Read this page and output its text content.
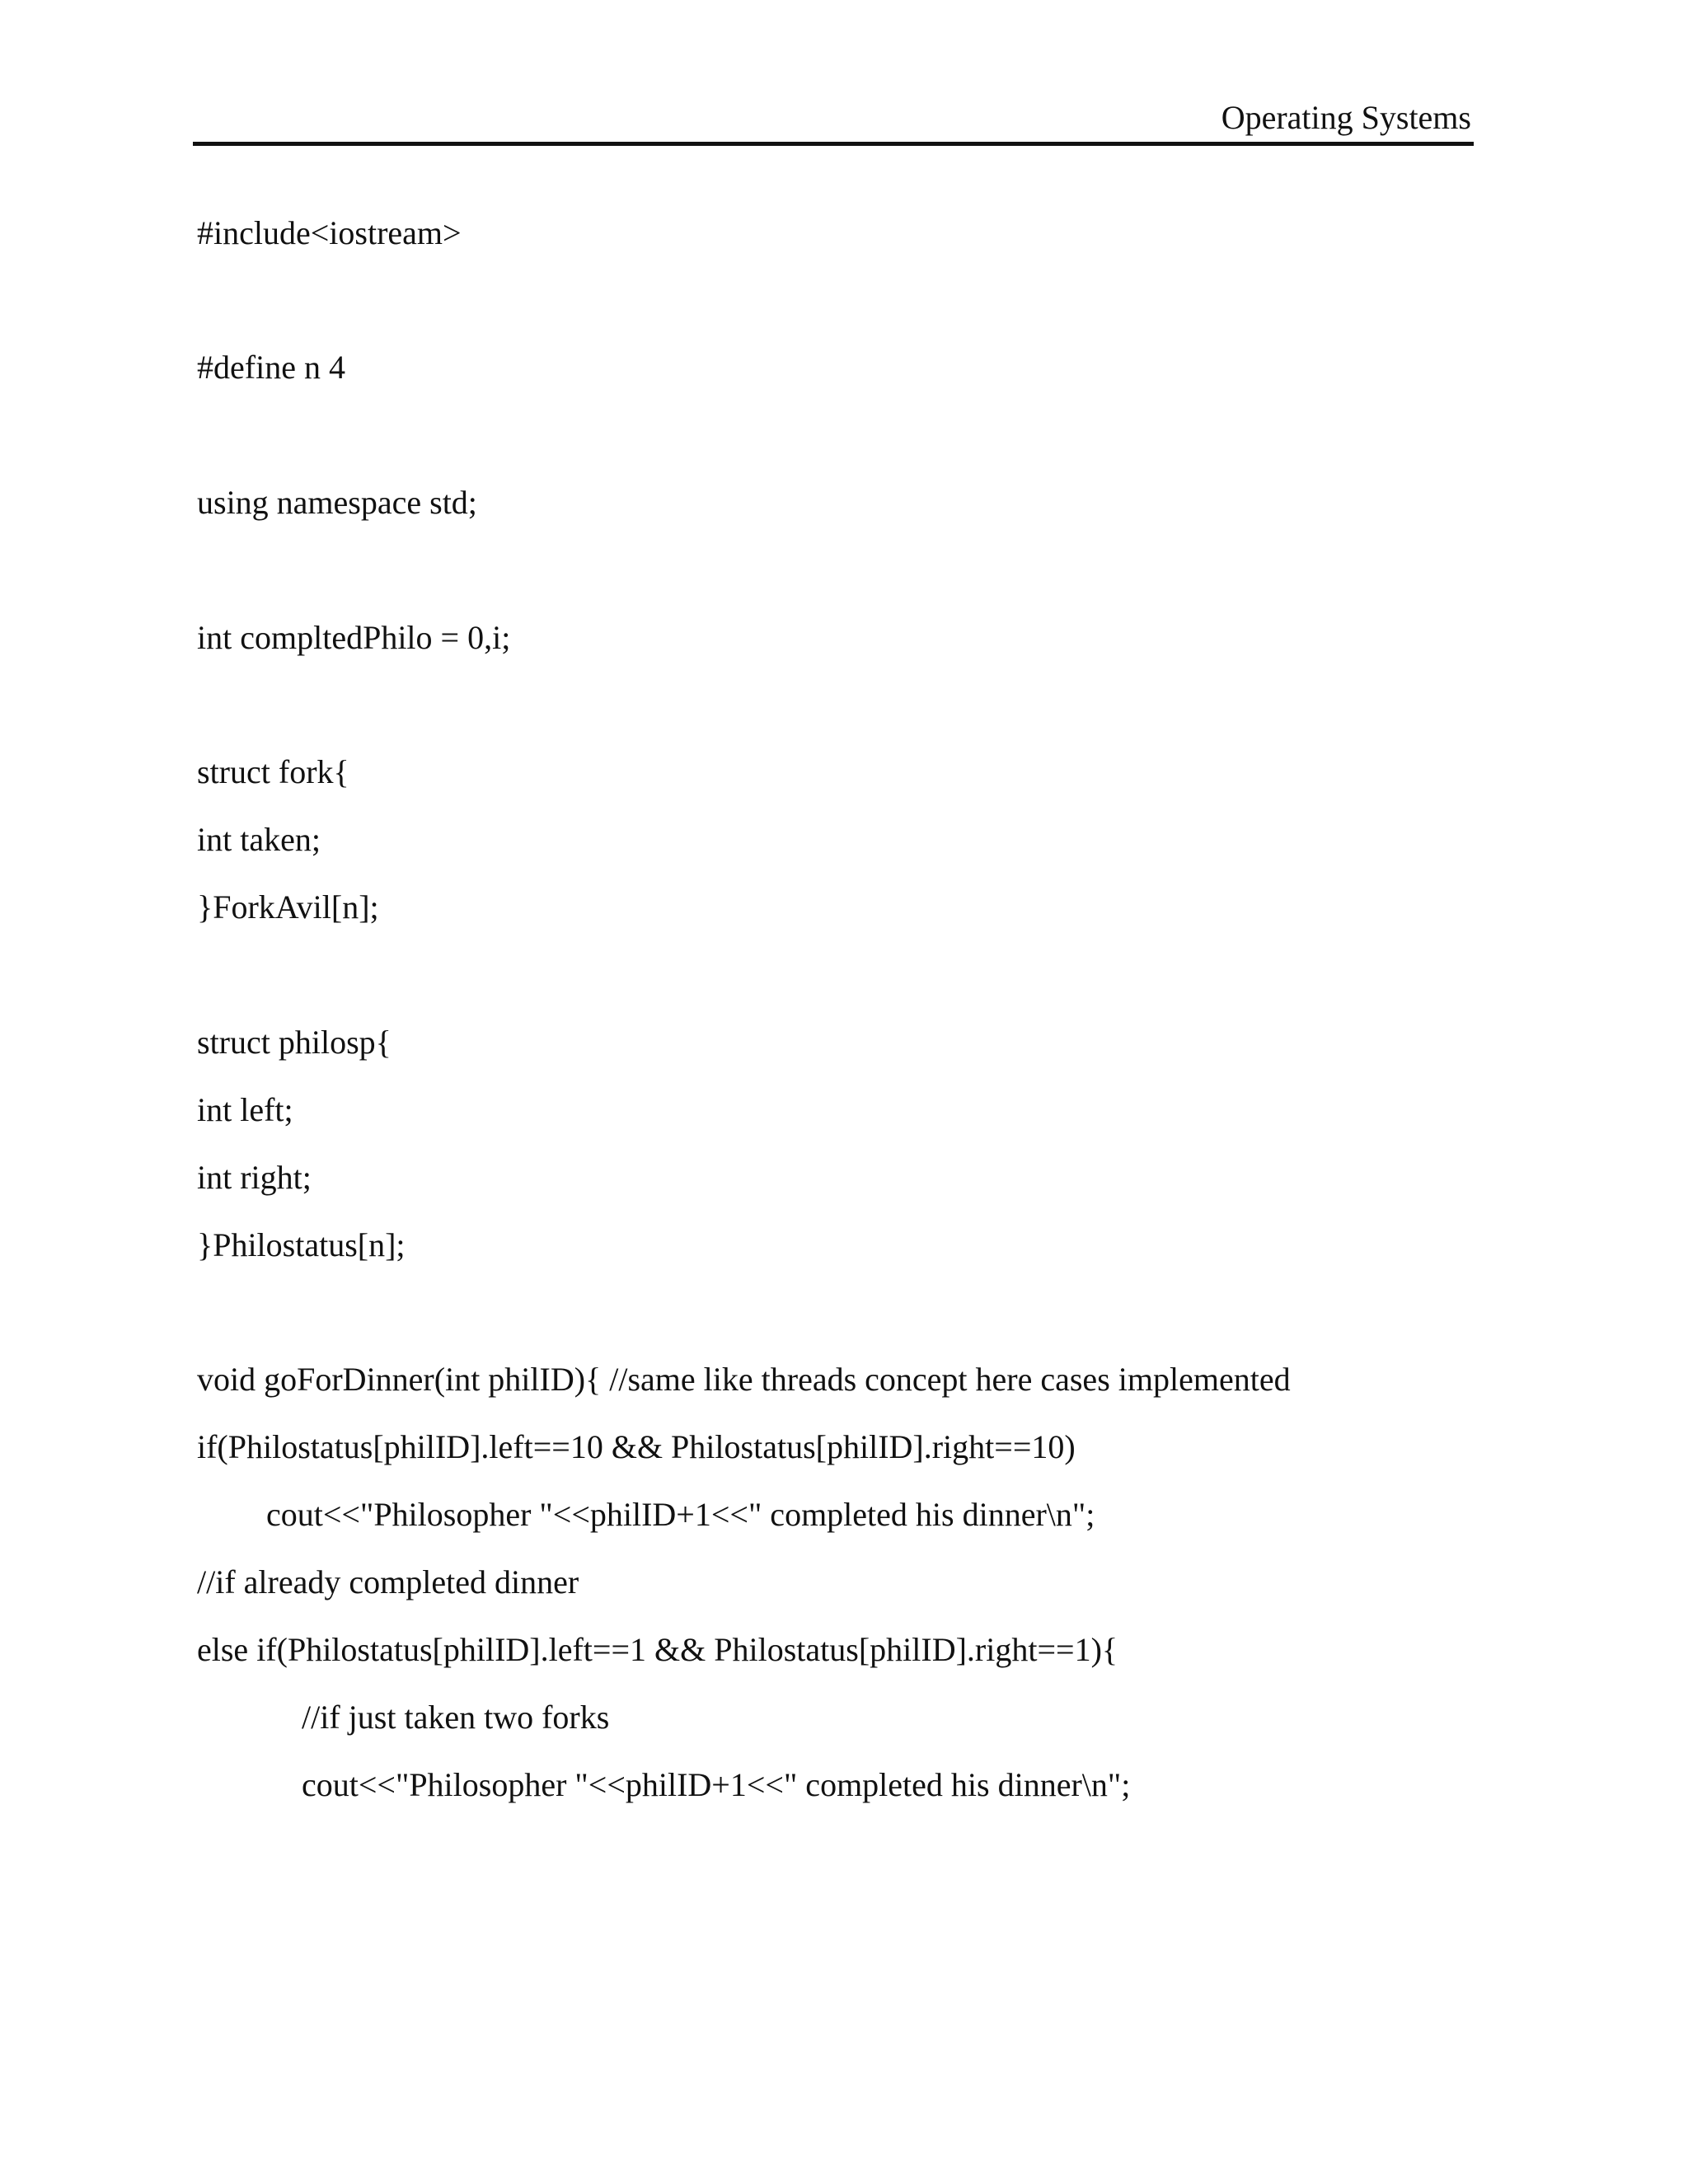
Operating Systems
#include<iostream>
#define n 4
using namespace std;
int compltedPhilo = 0,i;
struct fork{
int taken;
}ForkAvil[n];
struct philosp{
int left;
int right;
}Philostatus[n];
void goForDinner(int philID){ //same like threads concept here cases implemented
if(Philostatus[philID].left==10 && Philostatus[philID].right==10)
cout<<"Philosopher "<<philID+1<<" completed his dinner\n";
//if already completed dinner
else if(Philostatus[philID].left==1 && Philostatus[philID].right==1){
//if just taken two forks
cout<<"Philosopher "<<philID+1<<" completed his dinner\n";
